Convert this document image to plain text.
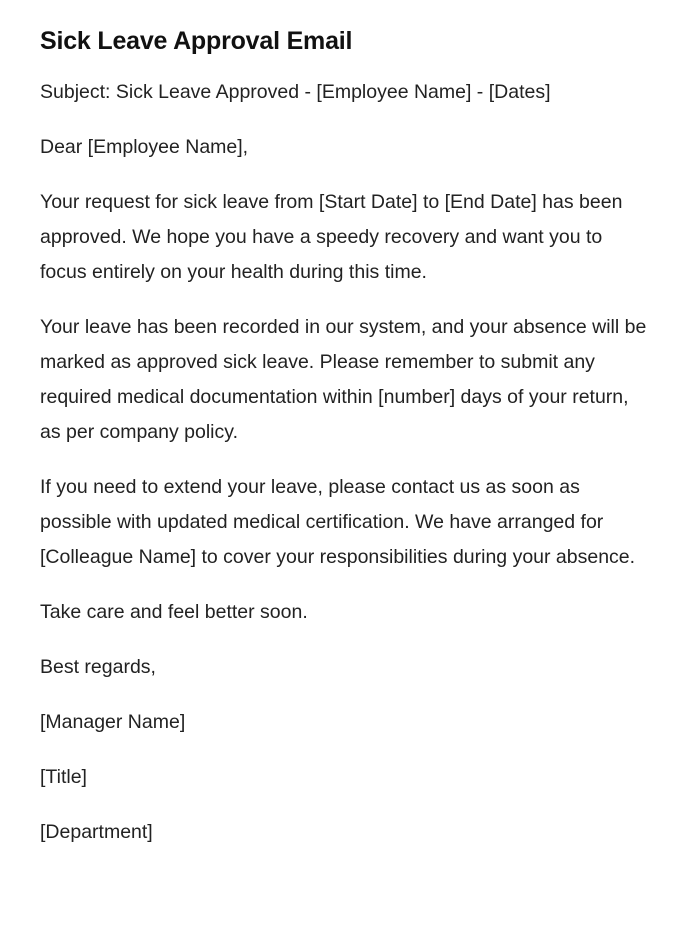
Sick Leave Approval Email

Subject: Sick Leave Approved - [Employee Name] - [Dates]

Dear [Employee Name],

Your request for sick leave from [Start Date] to [End Date] has been approved. We hope you have a speedy recovery and want you to focus entirely on your health during this time.

Your leave has been recorded in our system, and your absence will be marked as approved sick leave. Please remember to submit any required medical documentation within [number] days of your return, as per company policy.

If you need to extend your leave, please contact us as soon as possible with updated medical certification. We have arranged for [Colleague Name] to cover your responsibilities during your absence.

Take care and feel better soon.

Best regards,

[Manager Name]

[Title]

[Department]
